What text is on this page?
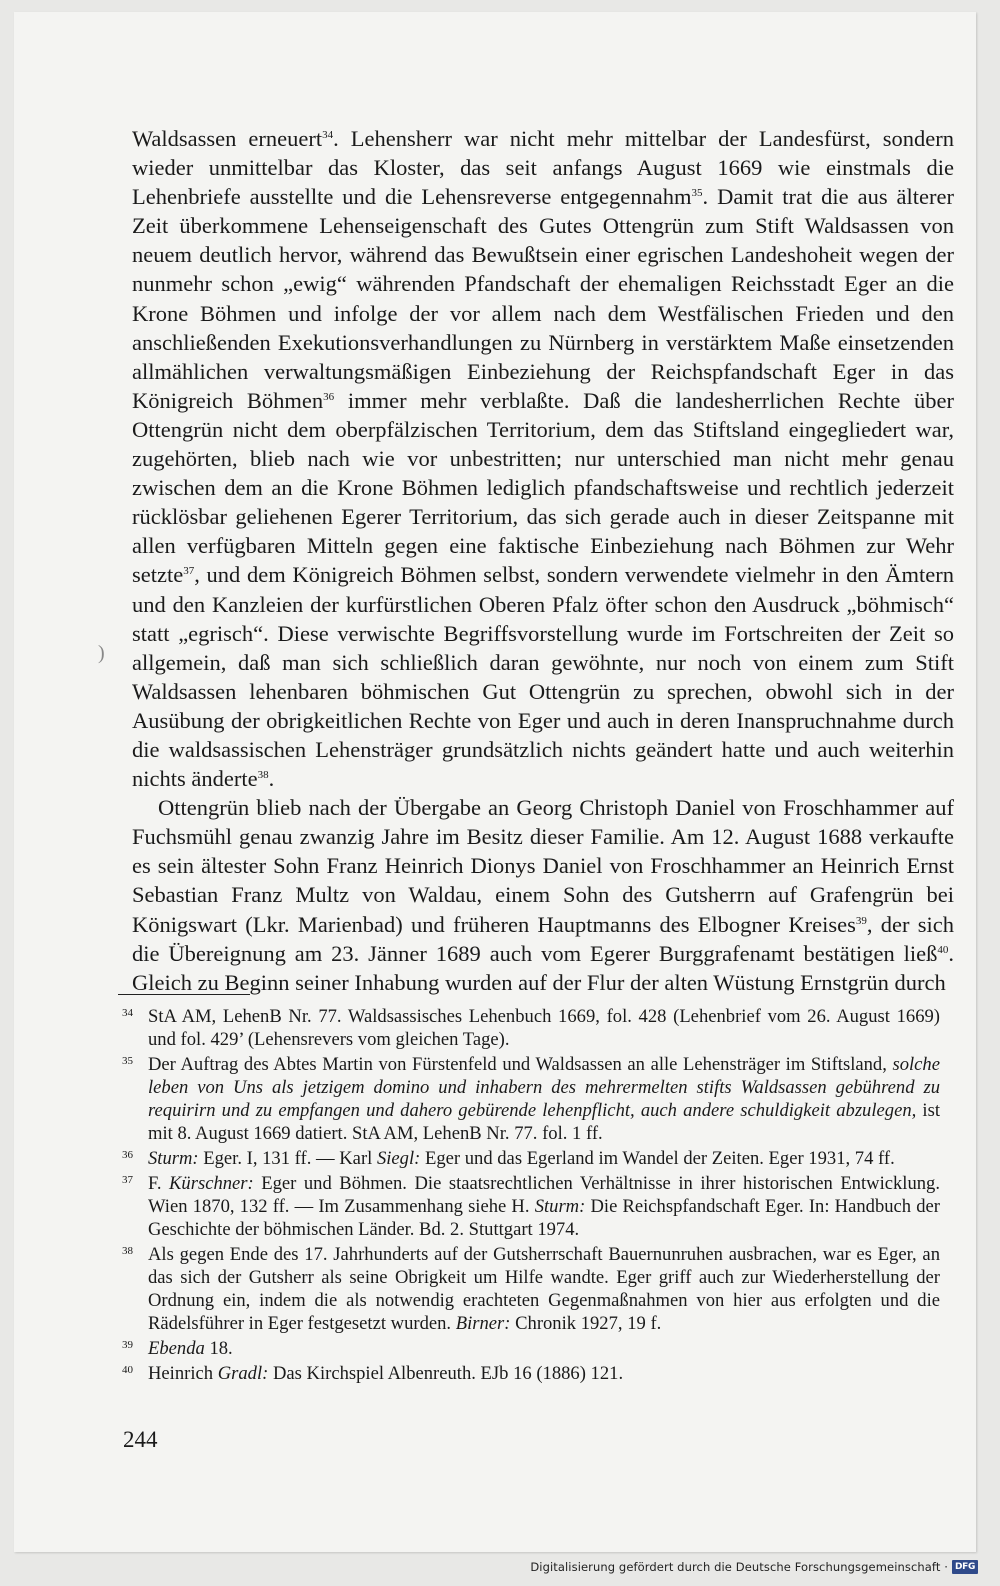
Waldsassen erneuert$^{34}$. Lehensherr war nicht mehr mittelbar der Landesfürst, sondern wieder unmittelbar das Kloster, das seit anfangs August 1669 wie einstmals die Lehenbriefe ausstellte und die Lehensreverse entgegennahm$^{35}$. Damit trat die aus älterer Zeit überkommene Lehenseigenschaft des Gutes Ottengrün zum Stift Waldsassen von neuem deutlich hervor, während das Bewußtsein einer egrischen Landeshoheit wegen der nunmehr schon „ewig“ währenden Pfandschaft der ehemaligen Reichsstadt Eger an die Krone Böhmen und infolge der vor allem nach dem Westfälischen Frieden und den anschließenden Exekutionsverhandlungen zu Nürnberg in verstärktem Maße einsetzenden allmählichen verwaltungsmäßigen Einbeziehung der Reichspfandschaft Eger in das Königreich Böhmen$^{36}$ immer mehr verblaßte. Daß die landesherrlichen Rechte über Ottengrün nicht dem oberpfälzischen Territorium, dem das Stiftsland eingegliedert war, zugehörten, blieb nach wie vor unbestritten; nur unterschied man nicht mehr genau zwischen dem an die Krone Böhmen lediglich pfandschaftsweise und rechtlich jederzeit rücklösbar geliehenen Egerer Territorium, das sich gerade auch in dieser Zeitspanne mit allen verfügbaren Mitteln gegen eine faktische Einbeziehung nach Böhmen zur Wehr setzte$^{37}$, und dem Königreich Böhmen selbst, sondern verwendete vielmehr in den Ämtern und den Kanzleien der kurfürstlichen Oberen Pfalz öfter schon den Ausdruck „böhmisch“ statt „egrisch“. Diese verwischte Begriffsvorstellung wurde im Fortschreiten der Zeit so allgemein, daß man sich schließlich daran gewöhnte, nur noch von einem zum Stift Waldsassen lehenbaren böhmischen Gut Ottengrün zu sprechen, obwohl sich in der Ausübung der obrigkeitlichen Rechte von Eger und auch in deren Inanspruchnahme durch die waldsassischen Lehensträger grundsätzlich nichts geändert hatte und auch weiterhin nichts änderte$^{38}$.

Ottengrün blieb nach der Übergabe an Georg Christoph Daniel von Froschhammer auf Fuchsmühl genau zwanzig Jahre im Besitz dieser Familie. Am 12. August 1688 verkaufte es sein ältester Sohn Franz Heinrich Dionys Daniel von Froschhammer an Heinrich Ernst Sebastian Franz Multz von Waldau, einem Sohn des Gutsherrn auf Grafengrün bei Königswart (Lkr. Marienbad) und früheren Hauptmanns des Elbogner Kreises$^{39}$, der sich die Übereignung am 23. Jänner 1689 auch vom Egerer Burggrafenamt bestätigen ließ$^{40}$. Gleich zu Beginn seiner Inhabung wurden auf der Flur der alten Wüstung Ernstgrün durch

)
34 StA AM, LehenB Nr. 77. Waldsassisches Lehenbuch 1669, fol. 428 (Lehenbrief vom 26. August 1669) und fol. 429’ (Lehensrevers vom gleichen Tage).
35 Der Auftrag des Abtes Martin von Fürstenfeld und Waldsassen an alle Lehensträger im Stiftsland, solche leben von Uns als jetzigem domino und inhabern des mehrermelten stifts Waldsassen gebührend zu requirirn und zu empfangen und dahero gebürende lehenpflicht, auch andere schuldigkeit abzulegen, ist mit 8. August 1669 datiert. StA AM, LehenB Nr. 77. fol. 1 ff.
36 Sturm: Eger. I, 131 ff. — Karl Siegl: Eger und das Egerland im Wandel der Zeiten. Eger 1931, 74 ff.
37 F. Kürschner: Eger und Böhmen. Die staatsrechtlichen Verhältnisse in ihrer historischen Entwicklung. Wien 1870, 132 ff. — Im Zusammenhang siehe H. Sturm: Die Reichspfandschaft Eger. In: Handbuch der Geschichte der böhmischen Länder. Bd. 2. Stuttgart 1974.
38 Als gegen Ende des 17. Jahrhunderts auf der Gutsherrschaft Bauernunruhen ausbrachen, war es Eger, an das sich der Gutsherr als seine Obrigkeit um Hilfe wandte. Eger griff auch zur Wiederherstellung der Ordnung ein, indem die als notwendig erachteten Gegenmaßnahmen von hier aus erfolgten und die Rädelsführer in Eger festgesetzt wurden. Birner: Chronik 1927, 19 f.
39 Ebenda 18.
40 Heinrich Gradl: Das Kirchspiel Albenreuth. EJb 16 (1886) 121.
244
Digitalisierung gefördert durch die Deutsche Forschungsgemeinschaft · DFG
